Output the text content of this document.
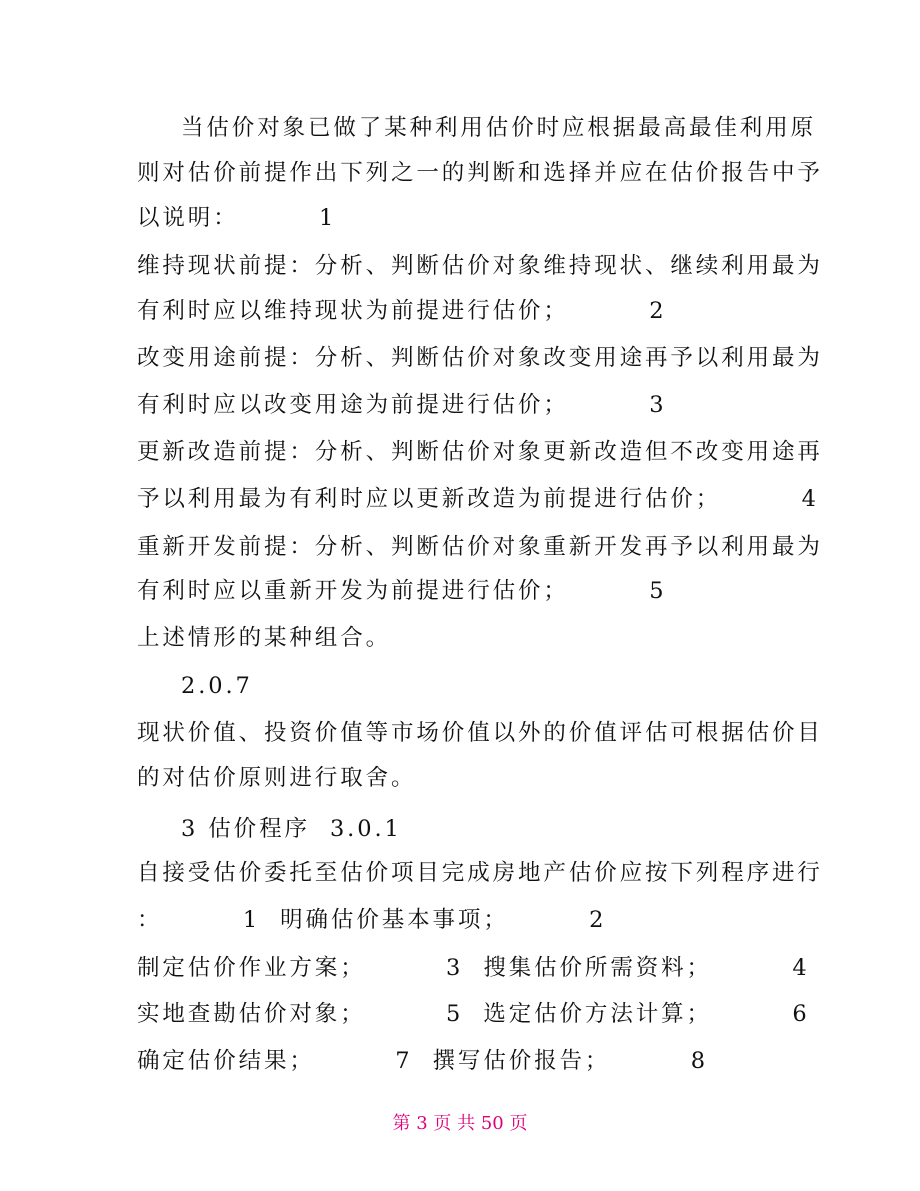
当估价对象已做了某种利用估价时应根据最高最佳利用原
则对估价前提作出下列之一的判断和选择并应在估价报告中予
以说明：        1
维持现状前提：分析、判断估价对象维持现状、继续利用最为
有利时应以维持现状为前提进行估价；        2
改变用途前提：分析、判断估价对象改变用途再予以利用最为
有利时应以改变用途为前提进行估价；        3
更新改造前提：分析、判断估价对象更新改造但不改变用途再
予以利用最为有利时应以更新改造为前提进行估价；        4
重新开发前提：分析、判断估价对象重新开发再予以利用最为
有利时应以重新开发为前提进行估价；        5
上述情形的某种组合。
2.0.7
现状价值、投资价值等市场价值以外的价值评估可根据估价目
的对估价原则进行取舍。
3 估价程序  3.0.1
自接受估价委托至估价项目完成房地产估价应按下列程序进行
：        1  明确估价基本事项；        2
制定估价作业方案；        3  搜集估价所需资料；        4
实地查勘估价对象；        5  选定估价方法计算；        6
确定估价结果；        7  撰写估价报告；        8
第 3 页 共 50 页
